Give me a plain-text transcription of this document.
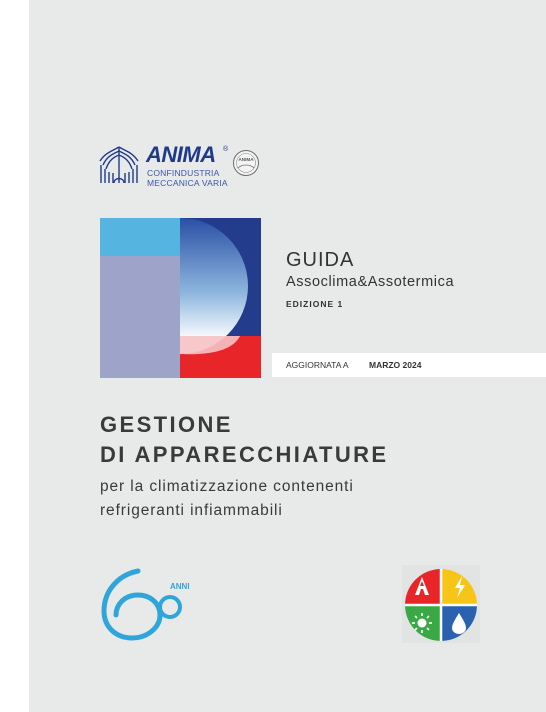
ANIMA ®
CONFINDUSTRIA
MECCANICA VARIA
ANIMA
GUIDA
Assoclima&Assotermica
EDIZIONE 1
AGGIORNATA A MARZO 2024
GESTIONE
DI APPARECCHIATURE
per la climatizzazione contenenti
refrigeranti infiammabili
ANNI
